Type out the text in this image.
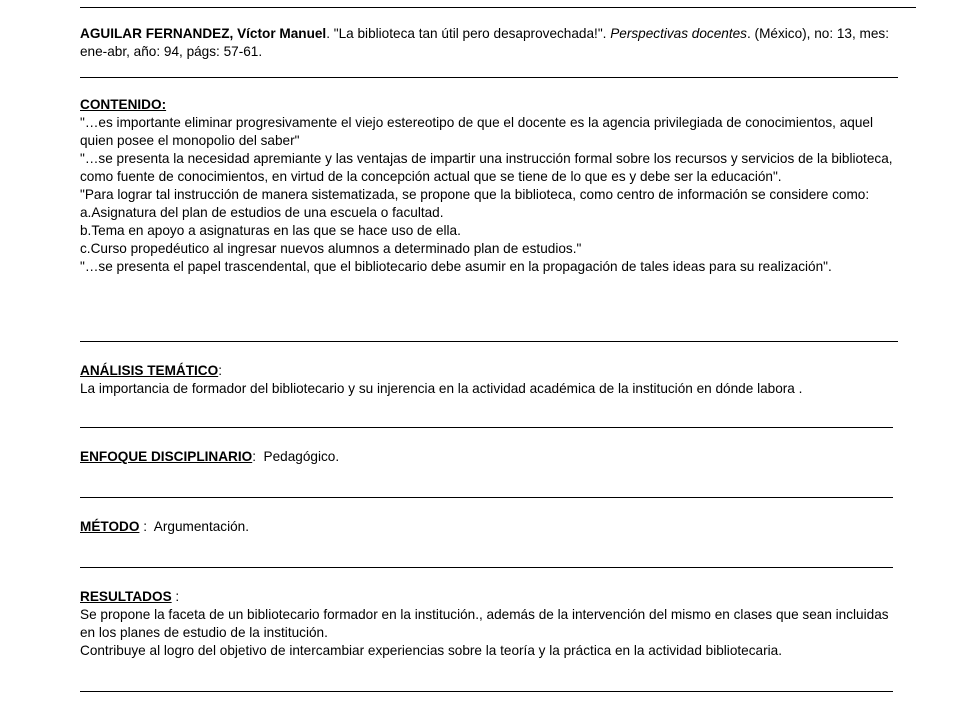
AGUILAR FERNANDEZ, Víctor Manuel. "La biblioteca tan útil pero desaprovechada!". Perspectivas docentes. (México), no: 13, mes: ene-abr, año: 94, págs: 57-61.
CONTENIDO:
"…es importante eliminar progresivamente el viejo estereotipo de que el docente es la agencia privilegiada de conocimientos, aquel quien posee el monopolio del saber"
"…se presenta la necesidad apremiante y las ventajas de impartir una instrucción formal sobre los recursos y servicios de la biblioteca, como fuente de conocimientos, en virtud de la concepción actual que se tiene de lo que es y debe ser la educación".
"Para lograr tal instrucción de manera sistematizada, se propone que la biblioteca, como centro de información se considere como:
a.Asignatura del plan de estudios de una escuela o facultad.
b.Tema en apoyo a asignaturas en las que se hace uso de ella.
c.Curso propedéutico al ingresar nuevos alumnos a determinado plan de estudios."
"…se presenta el papel trascendental, que el bibliotecario debe asumir en la propagación de tales ideas para su realización".
ANÁLISIS TEMÁTICO:
La importancia de formador del bibliotecario y su injerencia en la actividad académica de la institución en dónde labora .
ENFOQUE DISCIPLINARIO:  Pedagógico.
MÉTODO :  Argumentación.
RESULTADOS :
Se propone la faceta de un bibliotecario formador en la institución., además de la intervención del mismo en clases que sean incluidas en los planes de estudio de la institución.
Contribuye al logro del objetivo de intercambiar experiencias sobre la teoría y la práctica en la actividad bibliotecaria.
